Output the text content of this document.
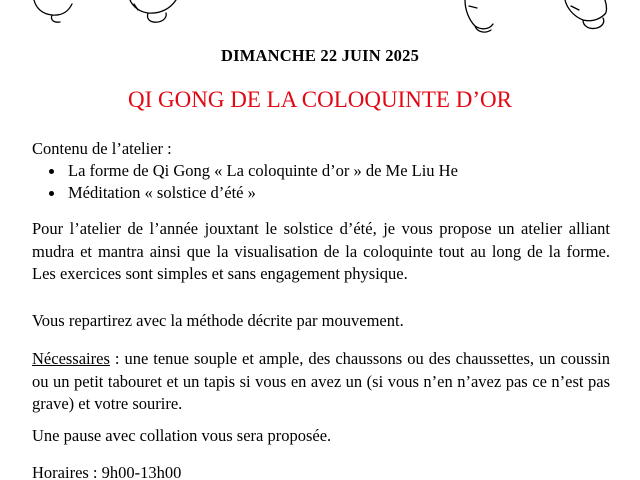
DIMANCHE 22 JUIN 2025
QI GONG DE LA COLOQUINTE D’OR
Contenu de l’atelier :
La forme de Qi Gong « La coloquinte d’or » de Me Liu He
Méditation « solstice d’été »
Pour l’atelier de l’année jouxtant le solstice d’été, je vous propose un atelier alliant mudra et mantra ainsi que la visualisation de la coloquinte tout au long de la forme. Les exercices sont simples et sans engagement physique.
Vous repartirez avec la méthode décrite par mouvement.
Nécessaires : une tenue souple et ample, des chaussons ou des chaussettes, un coussin ou un petit tabouret et un tapis si vous en avez un (si vous n’en n’avez pas ce n’est pas grave) et votre sourire.
Une pause avec collation vous sera proposée.
Horaires : 9h00-13h00
